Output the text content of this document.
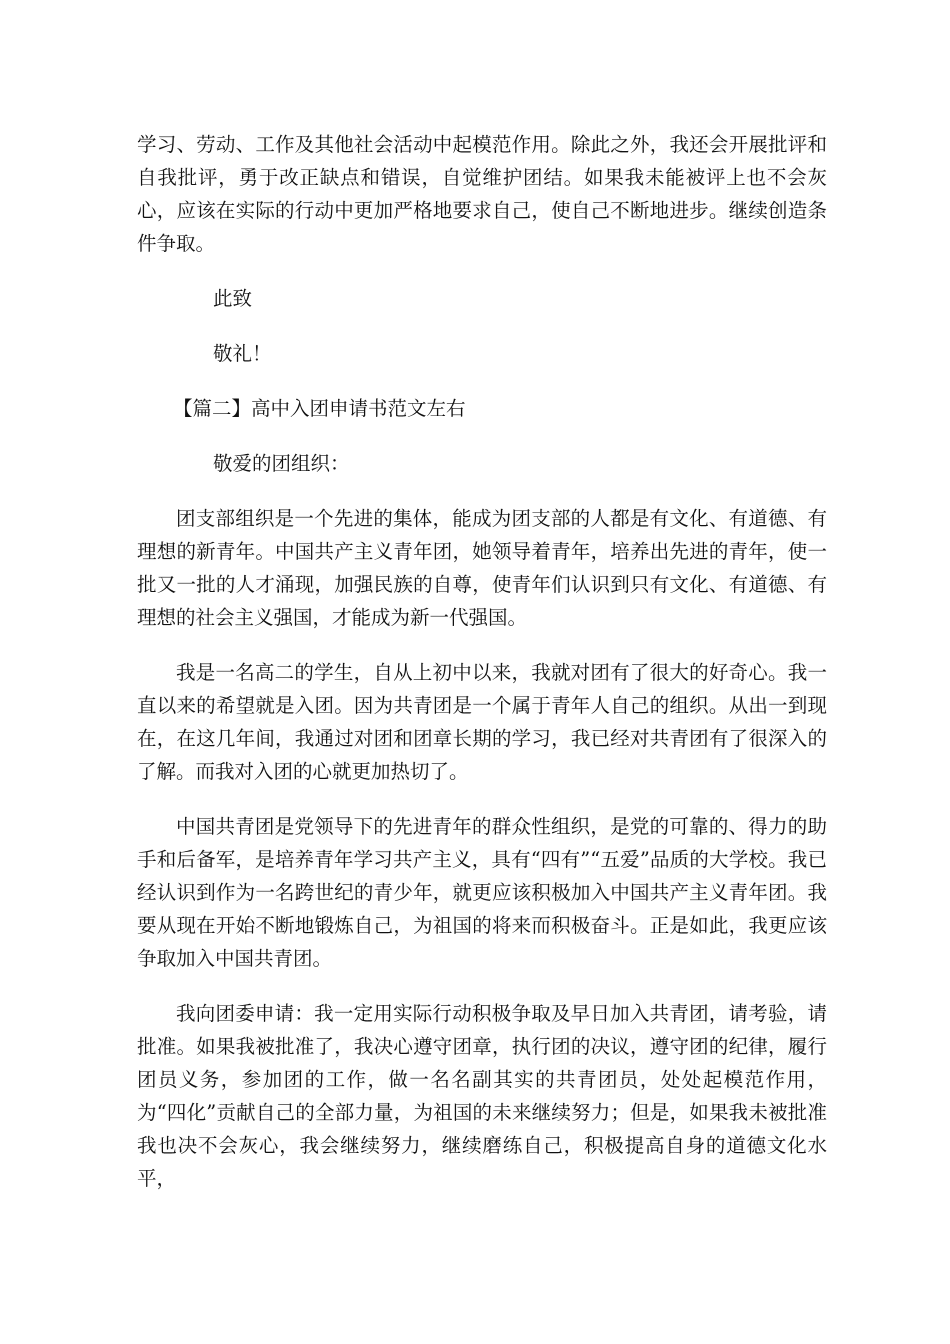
学习、劳动、工作及其他社会活动中起模范作用。除此之外，我还会开展批评和自我批评，勇于改正缺点和错误，自觉维护团结。如果我未能被评上也不会灰心，应该在实际的行动中更加严格地要求自己，使自己不断地进步。继续创造条件争取。

此致

敬礼！

【篇二】高中入团申请书范文左右

敬爱的团组织：

团支部组织是一个先进的集体，能成为团支部的人都是有文化、有道德、有理想的新青年。中国共产主义青年团，她领导着青年，培养出先进的青年，使一批又一批的人才涌现，加强民族的自尊，使青年们认识到只有文化、有道德、有理想的社会主义强国，才能成为新一代强国。

我是一名高二的学生，自从上初中以来，我就对团有了很大的好奇心。我一直以来的希望就是入团。因为共青团是一个属于青年人自己的组织。从出一到现在，在这几年间，我通过对团和团章长期的学习，我已经对共青团有了很深入的了解。而我对入团的心就更加热切了。

中国共青团是党领导下的先进青年的群众性组织，是党的可靠的、得力的助手和后备军，是培养青年学习共产主义，具有“四有”“五爱”品质的大学校。我已经认识到作为一名跨世纪的青少年，就更应该积极加入中国共产主义青年团。我要从现在开始不断地锻炼自己，为祖国的将来而积极奋斗。正是如此，我更应该争取加入中国共青团。

我向团委申请：我一定用实际行动积极争取及早日加入共青团，请考验，请批准。如果我被批准了，我决心遵守团章，执行团的决议，遵守团的纪律，履行团员义务，参加团的工作，做一名名副其实的共青团员，处处起模范作用，为“四化”贡献自己的全部力量，为祖国的未来继续努力；但是，如果我未被批准我也决不会灰心，我会继续努力，继续磨练自己，积极提高自身的道德文化水平，
